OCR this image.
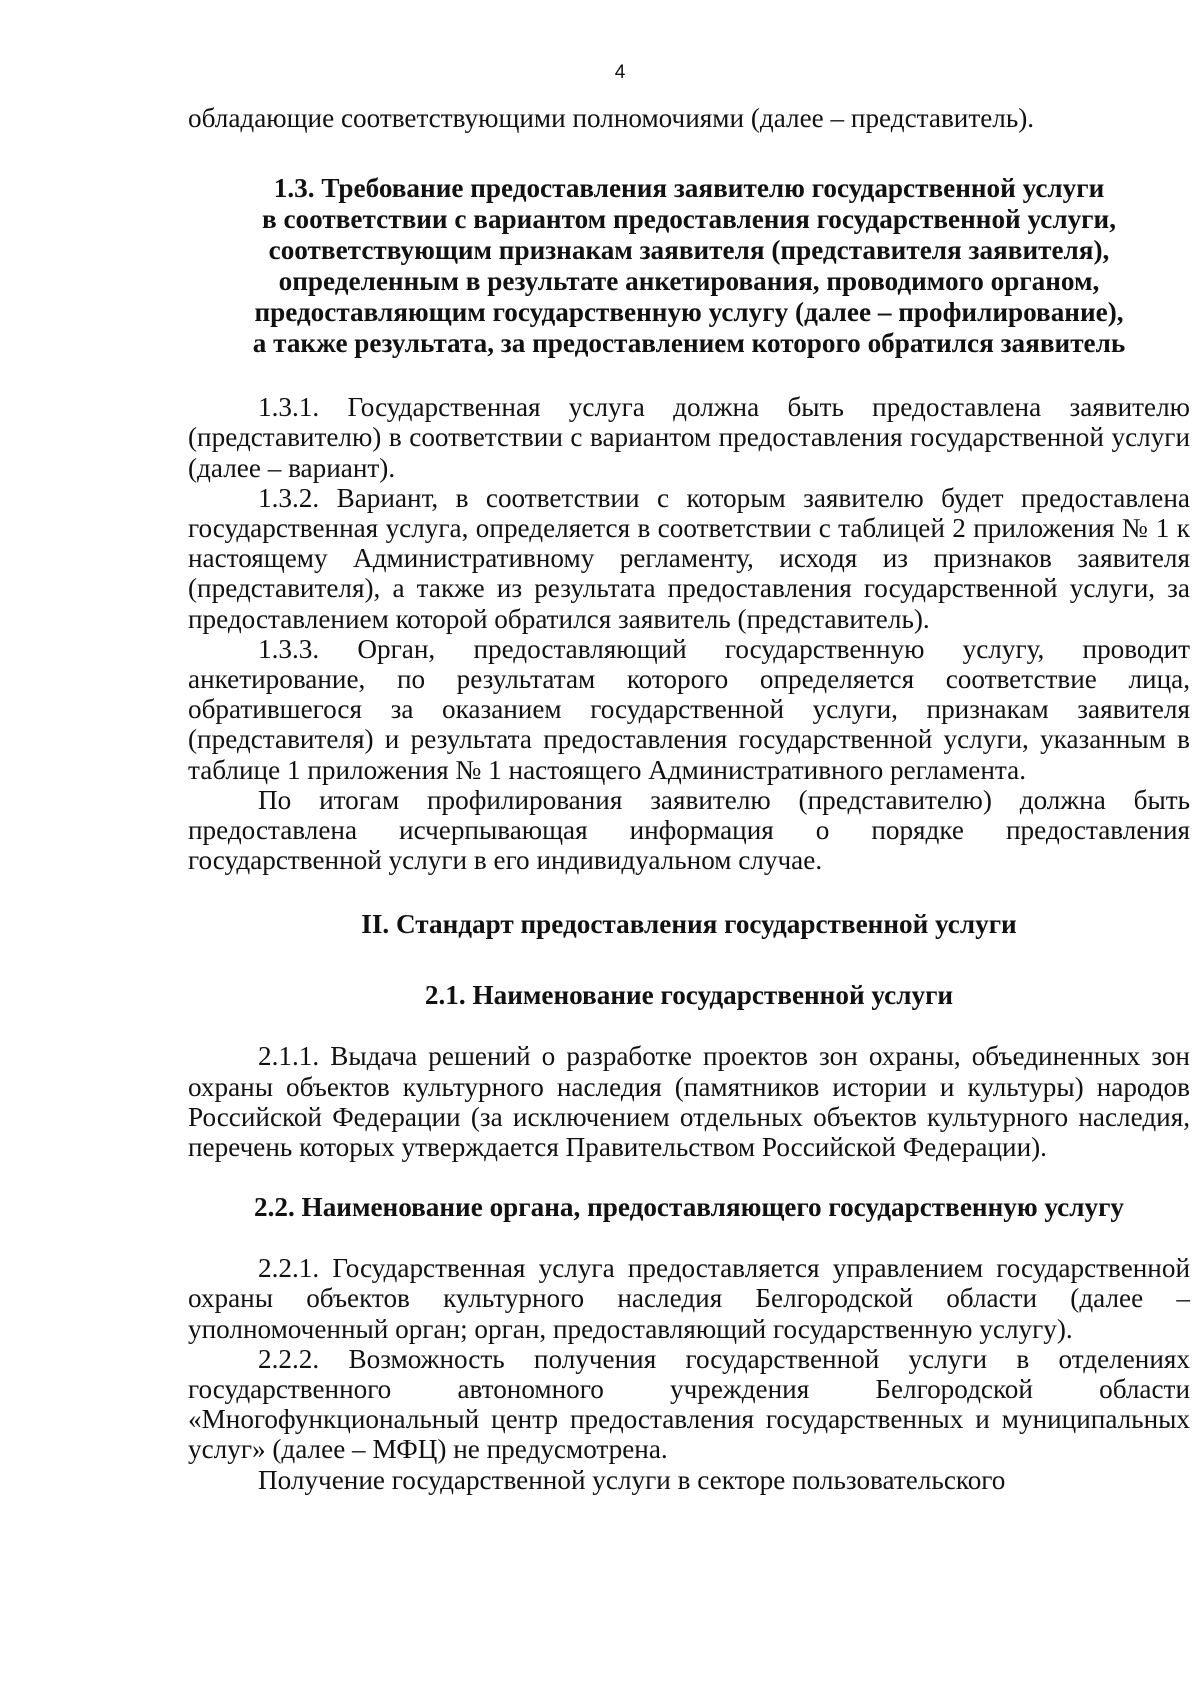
4

обладающие соответствующими полномочиями (далее – представитель).

1.3. Требование предоставления заявителю государственной услуги
в соответствии с вариантом предоставления государственной услуги,
соответствующим признакам заявителя (представителя заявителя),
определенным в результате анкетирования, проводимого органом,
предоставляющим государственную услугу (далее – профилирование),
а также результата, за предоставлением которого обратился заявитель

1.3.1. Государственная услуга должна быть предоставлена заявителю (представителю) в соответствии с вариантом предоставления государственной услуги (далее – вариант).

1.3.2. Вариант, в соответствии с которым заявителю будет предоставлена государственная услуга, определяется в соответствии с таблицей 2 приложения № 1 к настоящему Административному регламенту, исходя из признаков заявителя (представителя), а также из результата предоставления государственной услуги, за предоставлением которой обратился заявитель (представитель).

1.3.3. Орган, предоставляющий государственную услугу, проводит анкетирование, по результатам которого определяется соответствие лица, обратившегося за оказанием государственной услуги, признакам заявителя (представителя) и результата предоставления государственной услуги, указанным в таблице 1 приложения № 1 настоящего Административного регламента.

По итогам профилирования заявителю (представителю) должна быть предоставлена исчерпывающая информация о порядке предоставления государственной услуги в его индивидуальном случае.

II. Стандарт предоставления государственной услуги
2.1. Наименование государственной услуги

2.1.1. Выдача решений о разработке проектов зон охраны, объединенных зон охраны объектов культурного наследия (памятников истории и культуры) народов Российской Федерации (за исключением отдельных объектов культурного наследия, перечень которых утверждается Правительством Российской Федерации).

2.2. Наименование органа, предоставляющего государственную услугу

2.2.1. Государственная услуга предоставляется управлением государственной охраны объектов культурного наследия Белгородской области (далее – уполномоченный орган; орган, предоставляющий государственную услугу).

2.2.2. Возможность получения государственной услуги в отделениях государственного автономного учреждения Белгородской области «Многофункциональный центр предоставления государственных и муниципальных услуг» (далее – МФЦ) не предусмотрена.

Получение государственной услуги в секторе пользовательского
